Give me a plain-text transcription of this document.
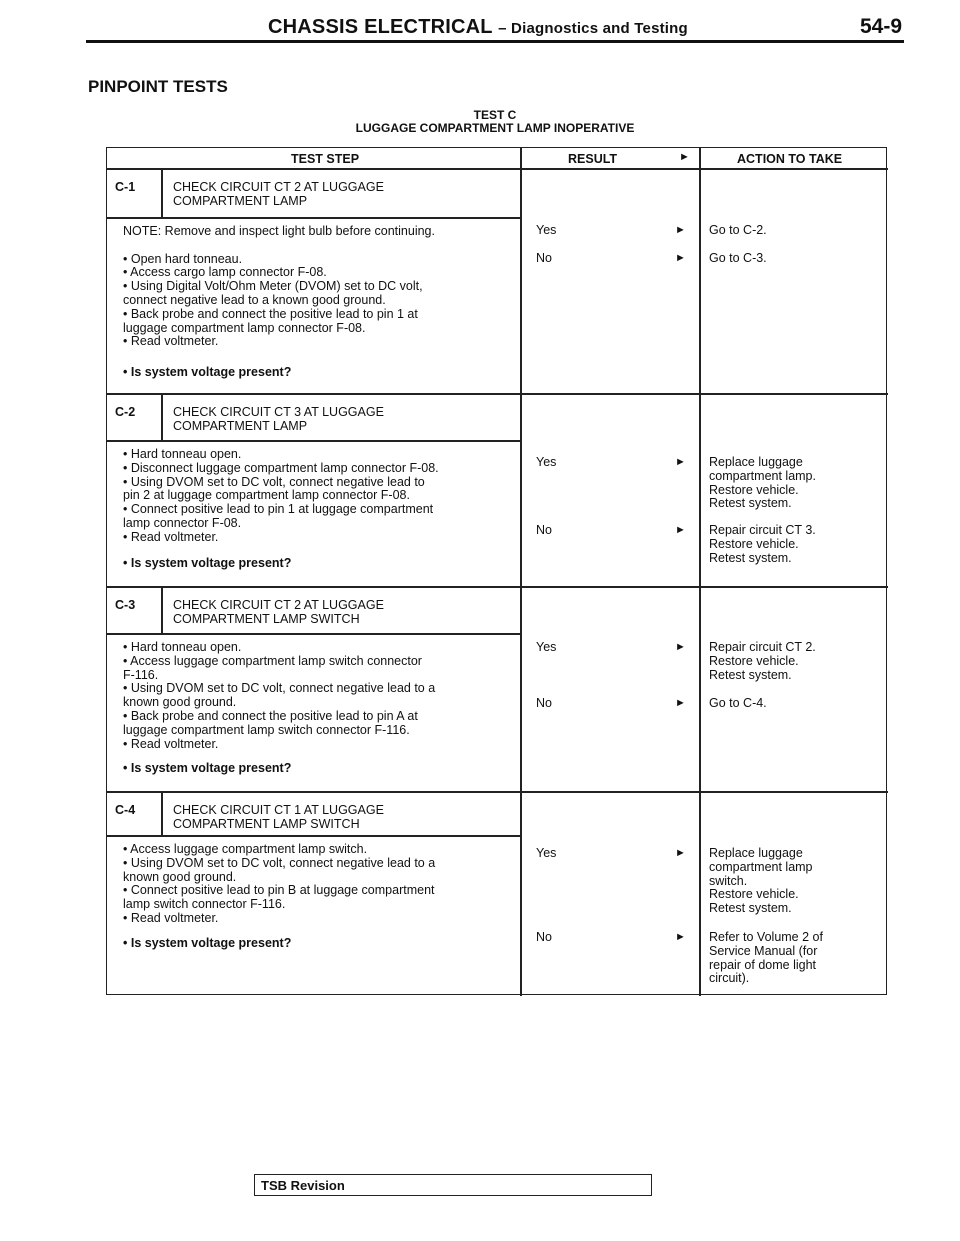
CHASSIS ELECTRICAL – Diagnostics and Testing	54-9
PINPOINT TESTS
TEST C
LUGGAGE COMPARTMENT LAMP INOPERATIVE
TEST STEP	RESULT	►	ACTION TO TAKE
C-1	CHECK CIRCUIT CT 2 AT LUGGAGE
COMPARTMENT LAMP
NOTE: Remove and inspect light bulb before continuing.
• Open hard tonneau.
• Access cargo lamp connector F-08.
• Using Digital Volt/Ohm Meter (DVOM) set to DC volt,
connect negative lead to a known good ground.
• Back probe and connect the positive lead to pin 1 at
luggage compartment lamp connector F-08.
• Read voltmeter.
• Is system voltage present?
Yes	► Go to C-2.
No	► Go to C-3.
C-2	CHECK CIRCUIT CT 3 AT LUGGAGE
COMPARTMENT LAMP
• Hard tonneau open.
• Disconnect luggage compartment lamp connector F-08.
• Using DVOM set to DC volt, connect negative lead to
pin 2 at luggage compartment lamp connector F-08.
• Connect positive lead to pin 1 at luggage compartment
lamp connector F-08.
• Read voltmeter.
• Is system voltage present?
Yes	► Replace luggage
compartment lamp.
Restore vehicle.
Retest system.
No	► Repair circuit CT 3.
Restore vehicle.
Retest system.
C-3	CHECK CIRCUIT CT 2 AT LUGGAGE
COMPARTMENT LAMP SWITCH
• Hard tonneau open.
• Access luggage compartment lamp switch connector
F-116.
• Using DVOM set to DC volt, connect negative lead to a
known good ground.
• Back probe and connect the positive lead to pin A at
luggage compartment lamp switch connector F-116.
• Read voltmeter.
• Is system voltage present?
Yes	► Repair circuit CT 2.
Restore vehicle.
Retest system.
No	► Go to C-4.
C-4	CHECK CIRCUIT CT 1 AT LUGGAGE
COMPARTMENT LAMP SWITCH
• Access luggage compartment lamp switch.
• Using DVOM set to DC volt, connect negative lead to a
known good ground.
• Connect positive lead to pin B at luggage compartment
lamp switch connector F-116.
• Read voltmeter.
• Is system voltage present?
Yes	► Replace luggage
compartment lamp
switch.
Restore vehicle.
Retest system.
No	► Refer to Volume 2 of
Service Manual (for
repair of dome light
circuit).
TSB Revision
